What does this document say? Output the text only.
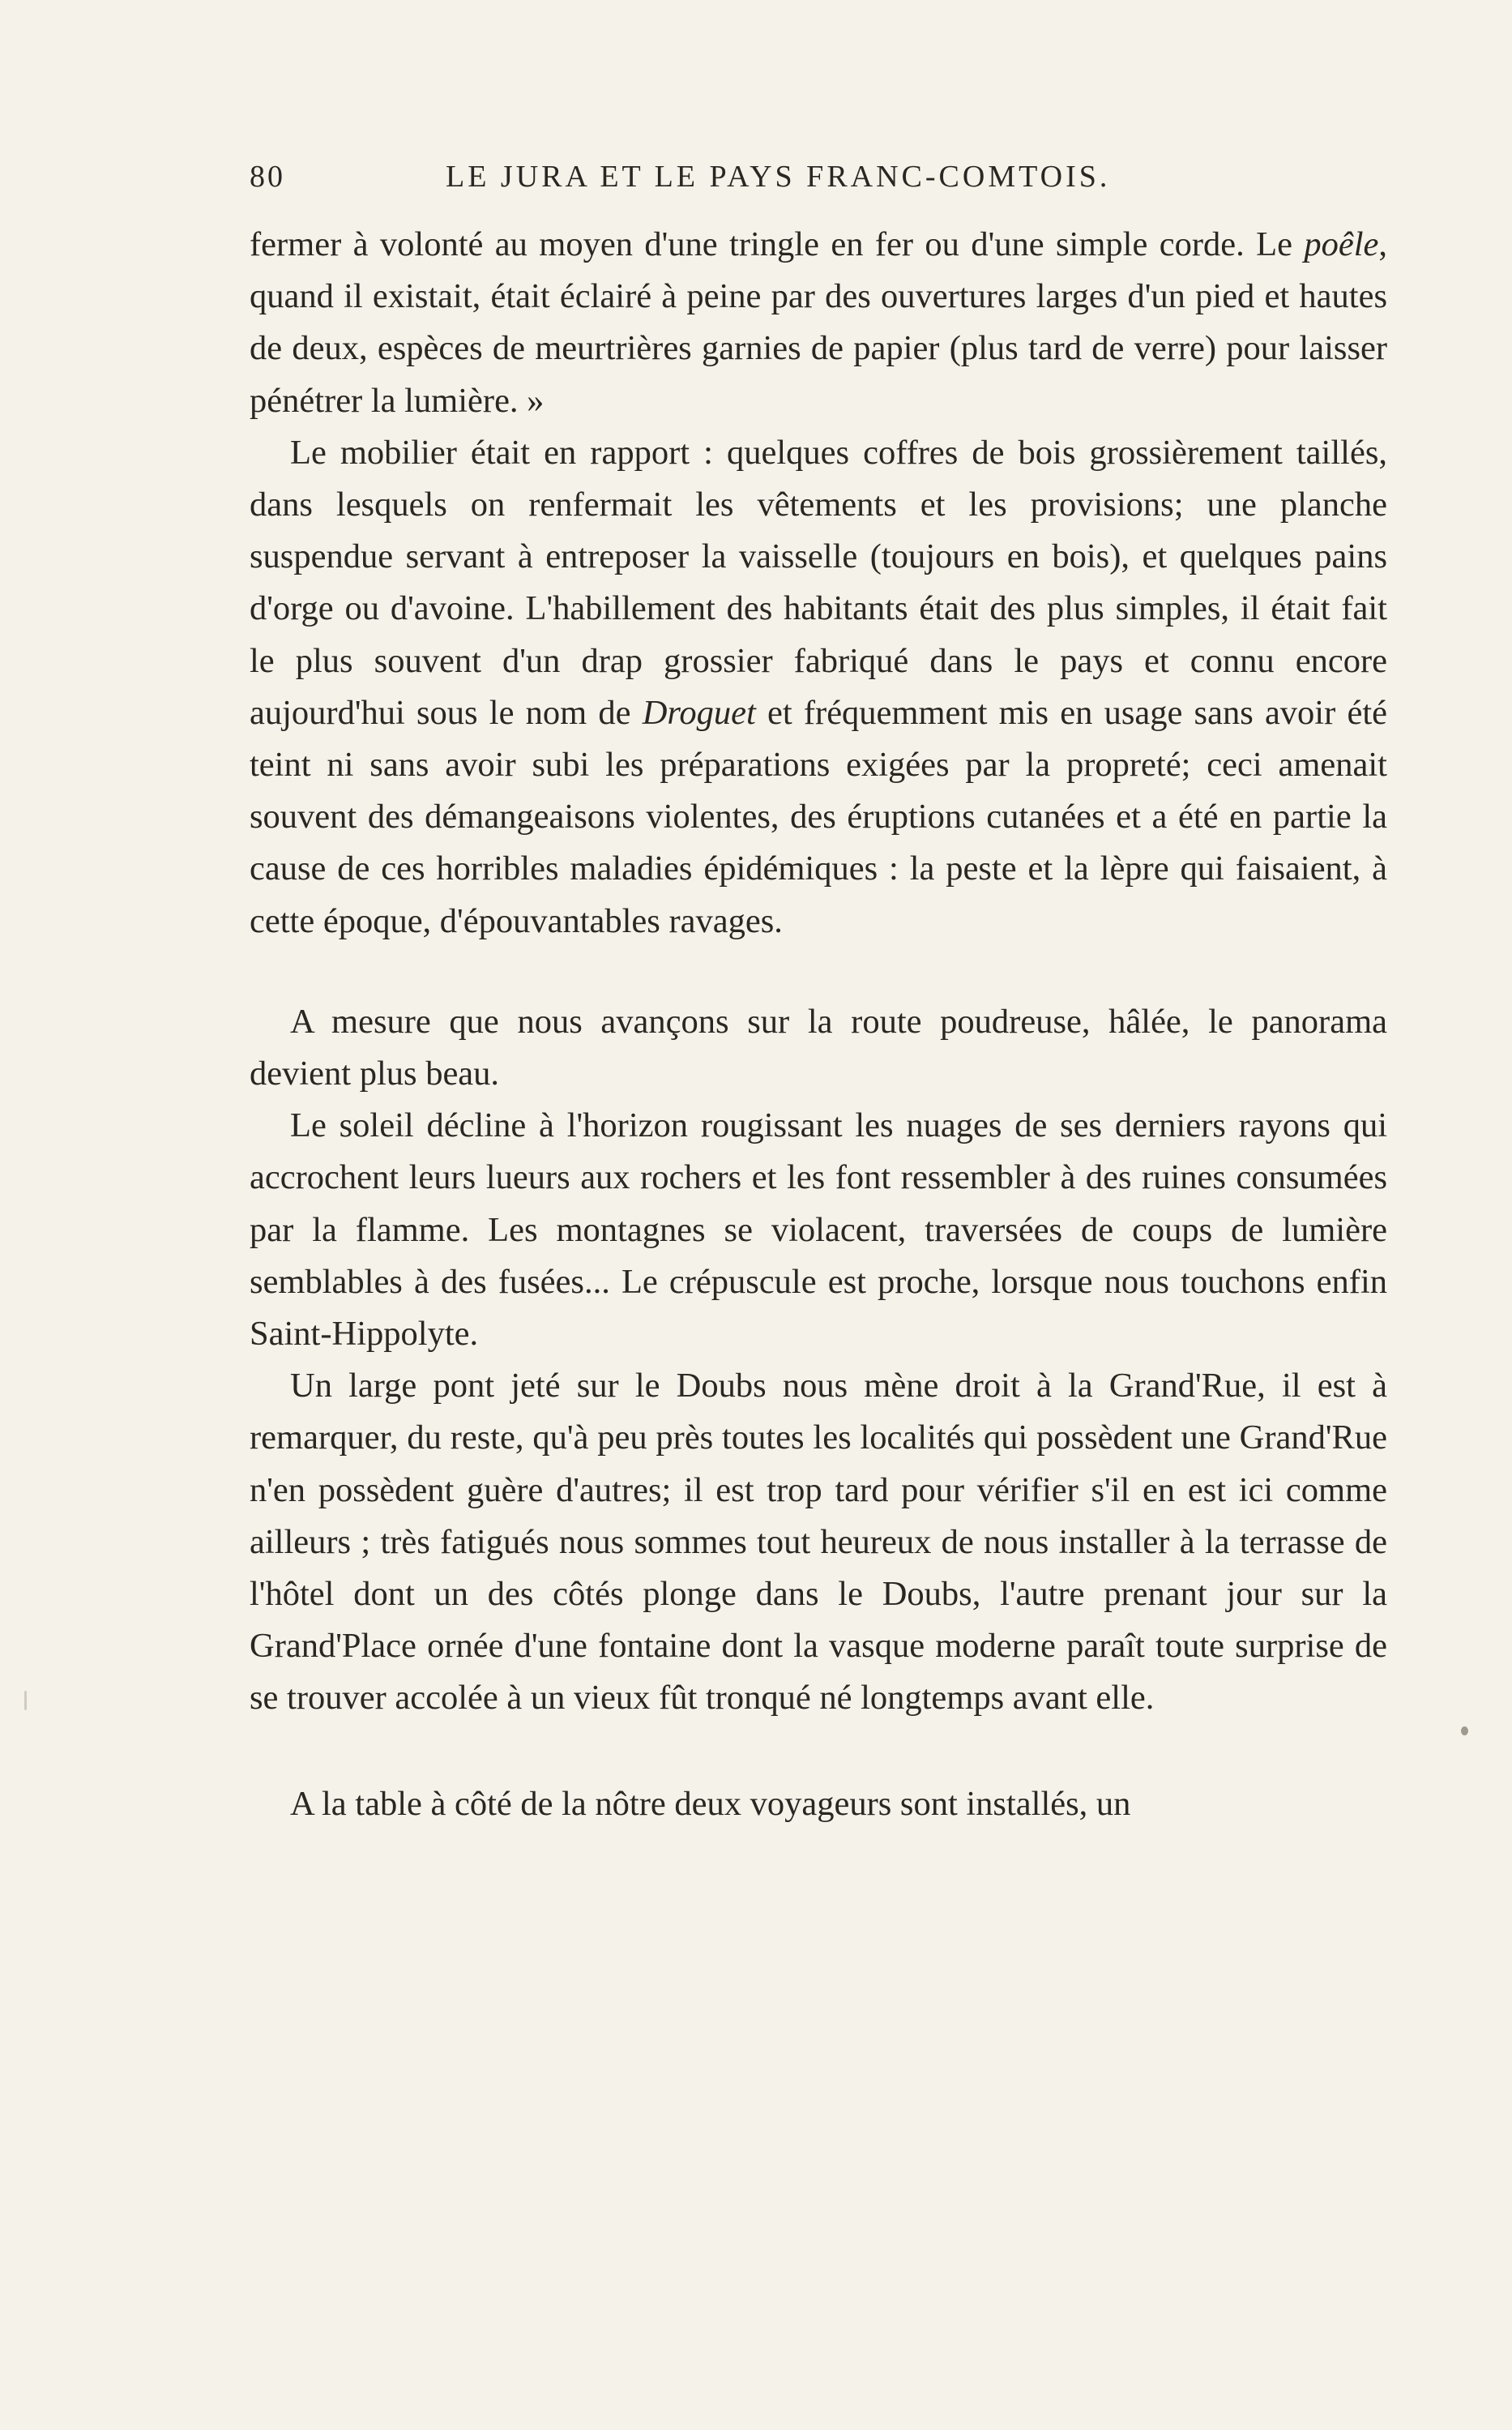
80	LE JURA ET LE PAYS FRANC-COMTOIS.

fermer à volonté au moyen d'une tringle en fer ou d'une simple corde. Le poêle, quand il existait, était éclairé à peine par des ouvertures larges d'un pied et hautes de deux, espèces de meurtrières garnies de papier (plus tard de verre) pour laisser pénétrer la lumière. »

Le mobilier était en rapport : quelques coffres de bois grossièrement taillés, dans lesquels on renfermait les vêtements et les provisions; une planche suspendue servant à entreposer la vaisselle (toujours en bois), et quelques pains d'orge ou d'avoine. L'habillement des habitants était des plus simples, il était fait le plus souvent d'un drap grossier fabriqué dans le pays et connu encore aujourd'hui sous le nom de Droguet et fréquemment mis en usage sans avoir été teint ni sans avoir subi les préparations exigées par la propreté; ceci amenait souvent des démangeaisons violentes, des éruptions cutanées et a été en partie la cause de ces horribles maladies épidémiques : la peste et la lèpre qui faisaient, à cette époque, d'épouvantables ravages.

A mesure que nous avançons sur la route poudreuse, hâlée, le panorama devient plus beau.

Le soleil décline à l'horizon rougissant les nuages de ses derniers rayons qui accrochent leurs lueurs aux rochers et les font ressembler à des ruines consumées par la flamme. Les montagnes se violacent, traversées de coups de lumière semblables à des fusées... Le crépuscule est proche, lorsque nous touchons enfin Saint-Hippolyte.

Un large pont jeté sur le Doubs nous mène droit à la Grand'Rue, il est à remarquer, du reste, qu'à peu près toutes les localités qui possèdent une Grand'Rue n'en possèdent guère d'autres; il est trop tard pour vérifier s'il en est ici comme ailleurs ; très fatigués nous sommes tout heureux de nous installer à la terrasse de l'hôtel dont un des côtés plonge dans le Doubs, l'autre prenant jour sur la Grand'Place ornée d'une fontaine dont la vasque moderne paraît toute surprise de se trouver accolée à un vieux fût tronqué né longtemps avant elle.

A la table à côté de la nôtre deux voyageurs sont installés, un
